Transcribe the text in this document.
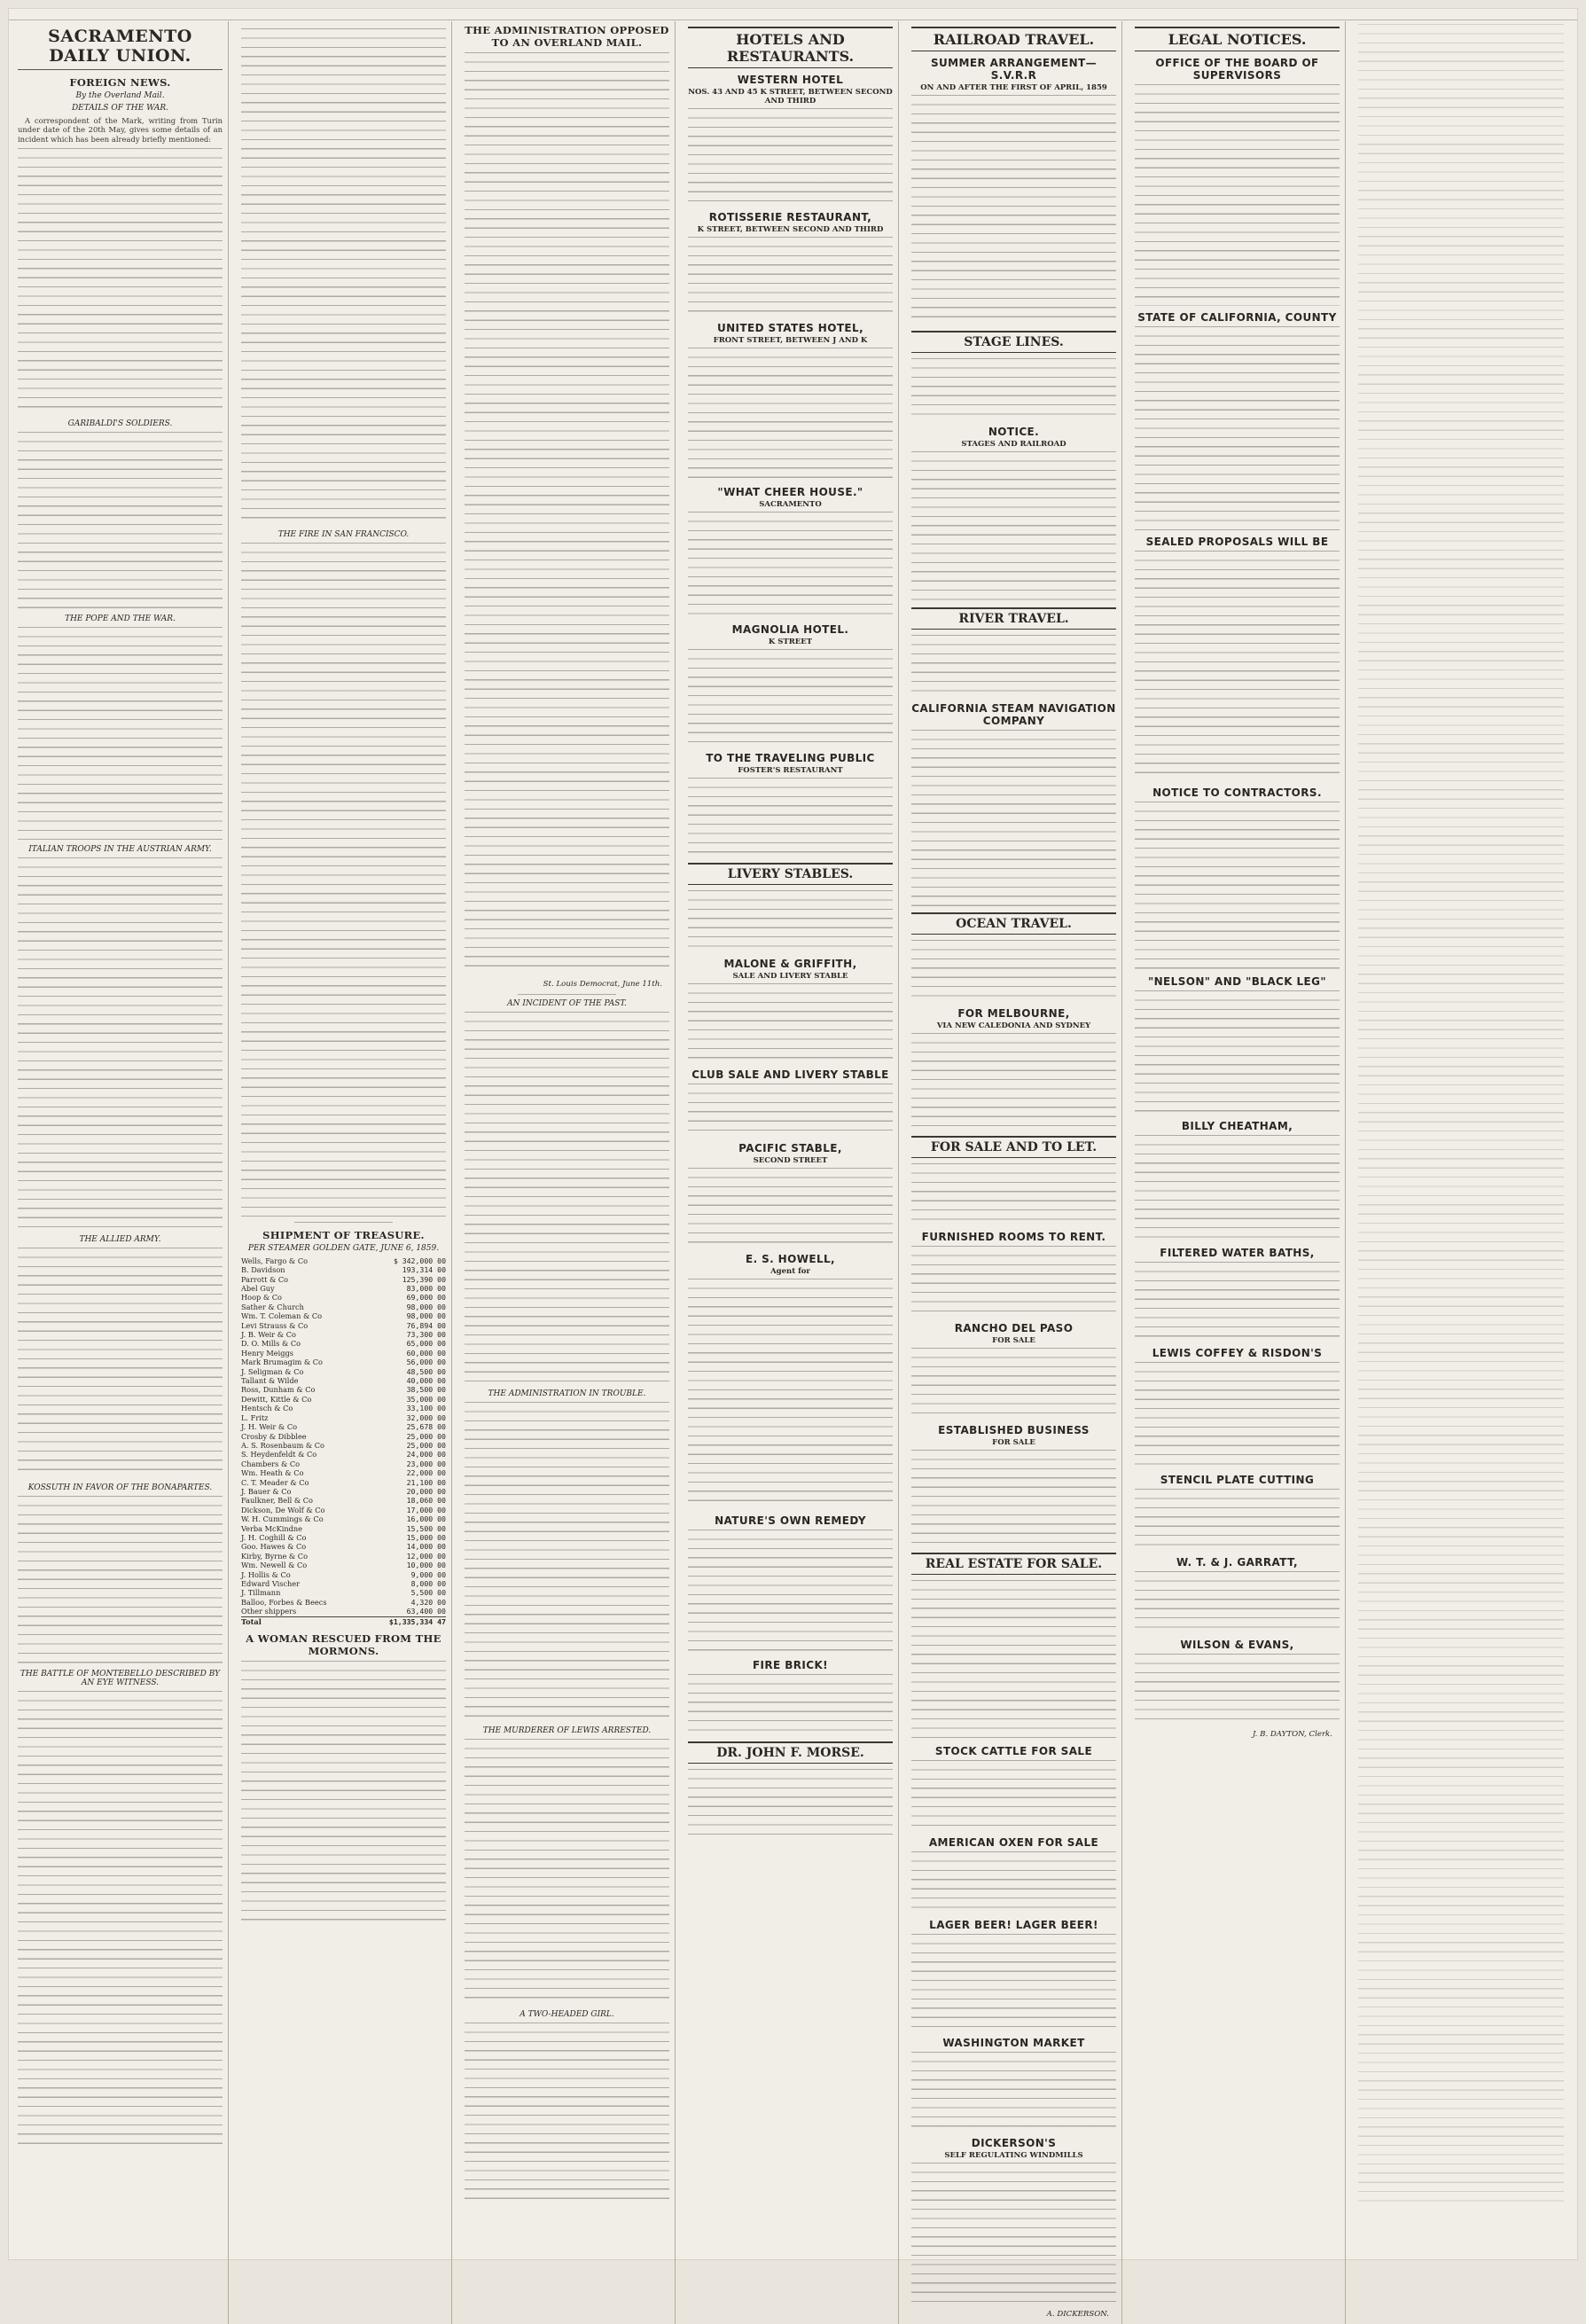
SACRAMENTO DAILY UNION.
FOREIGN NEWS.
By the Overland Mail.
DETAILS OF THE WAR.

A correspondent of the Mark, writing from Turin under date of the 20th May, gives some details of an incident which has been already briefly mentioned:

GARIBALDI'S SOLDIERS.
THE POPE AND THE WAR.
ITALIAN TROOPS IN THE AUSTRIAN ARMY.
THE ALLIED ARMY.
KOSSUTH IN FAVOR OF THE BONAPARTES.
THE BATTLE OF MONTEBELLO DESCRIBED BY AN EYE WITNESS.
THE FIRE IN SAN FRANCISCO.
SHIPMENT OF TREASURE.
PER STEAMER GOLDEN GATE, JUNE 6, 1859.
Wells, Fargo & Co	$ 342,000 00
B. Davidson	193,314 00
Parrott & Co	125,390 00
Abel Guy	83,000 00
Hoop & Co	69,000 00
Sather & Church	98,000 00
Wm. T. Coleman & Co	98,000 00
Levi Strauss & Co	76,894 00
J. B. Weir & Co	73,300 00
D. O. Mills & Co	65,000 00
Henry Meiggs	60,000 00
Mark Brumagim & Co	56,000 00
J. Seligman & Co	48,500 00
Tallant & Wilde	40,000 00
Ross, Dunham & Co	38,500 00
Dewitt, Kittle & Co	35,000 00
Hentsch & Co	33,100 00
L. Fritz	32,000 00
J. H. Weir & Co	25,678 00
Crosby & Dibblee	25,000 00
A. S. Rosenbaum & Co	25,000 00
S. Heydenfeldt & Co	24,000 00
Chambers & Co	23,000 00
Wm. Heath & Co	22,000 00
C. T. Meader & Co	21,100 00
J. Bauer & Co	20,000 00
Faulkner, Bell & Co	18,060 00
Dickson, De Wolf & Co	17,000 00
W. H. Cummings & Co	16,000 00
Verba McKindne	15,500 00
J. H. Coghill & Co	15,000 00
Goo. Hawes & Co	14,000 00
Kirby, Byrne & Co	12,000 00
Wm. Newell & Co	10,000 00
J. Hollis & Co	9,000 00
Edward Vischer	8,000 00
J. Tillmann	5,500 00
Balloo, Forbes & Beecs	4,320 00
Other shippers	63,400 00
Total	$1,335,334 47
A WOMAN RESCUED FROM THE MORMONS.
THE ADMINISTRATION OPPOSED TO AN OVERLAND MAIL.
St. Louis Democrat, June 11th.
AN INCIDENT OF THE PAST.
THE ADMINISTRATION IN TROUBLE.
THE MURDERER OF LEWIS ARRESTED.
A TWO-HEADED GIRL.
HOTELS AND RESTAURANTS.
WESTERN HOTEL
NOS. 43 AND 45 K STREET, BETWEEN SECOND AND THIRD
ROTISSERIE RESTAURANT,
K STREET, BETWEEN SECOND AND THIRD
UNITED STATES HOTEL,
FRONT STREET, BETWEEN J AND K
"WHAT CHEER HOUSE."
SACRAMENTO
MAGNOLIA HOTEL.
K STREET
TO THE TRAVELING PUBLIC
FOSTER'S RESTAURANT
LIVERY STABLES.
MALONE & GRIFFITH,
SALE AND LIVERY STABLE
CLUB SALE AND LIVERY STABLE
PACIFIC STABLE,
SECOND STREET
E. S. HOWELL,
Agent for
NATURE'S OWN REMEDY
FIRE BRICK!
DR. JOHN F. MORSE.
RAILROAD TRAVEL.
SUMMER ARRANGEMENT—S.V.R.R
ON AND AFTER THE FIRST OF APRIL, 1859
STAGE LINES.
NOTICE.
STAGES AND RAILROAD
RIVER TRAVEL.
CALIFORNIA STEAM NAVIGATION COMPANY
OCEAN TRAVEL.
FOR MELBOURNE,
VIA NEW CALEDONIA AND SYDNEY
FOR SALE AND TO LET.
FURNISHED ROOMS TO RENT.
RANCHO DEL PASO
FOR SALE
ESTABLISHED BUSINESS
FOR SALE
REAL ESTATE FOR SALE.
STOCK CATTLE FOR SALE
AMERICAN OXEN FOR SALE
LAGER BEER! LAGER BEER!
WASHINGTON MARKET
DICKERSON'S
SELF REGULATING WINDMILLS
A. DICKERSON.
LEGAL NOTICES.
OFFICE OF THE BOARD OF SUPERVISORS
STATE OF CALIFORNIA, COUNTY
SEALED PROPOSALS WILL BE
NOTICE TO CONTRACTORS.
"NELSON" AND "BLACK LEG"
BILLY CHEATHAM,
FILTERED WATER BATHS,
LEWIS COFFEY & RISDON'S
STENCIL PLATE CUTTING
W. T. & J. GARRATT,
WILSON & EVANS,
J. B. DAYTON, Clerk.
